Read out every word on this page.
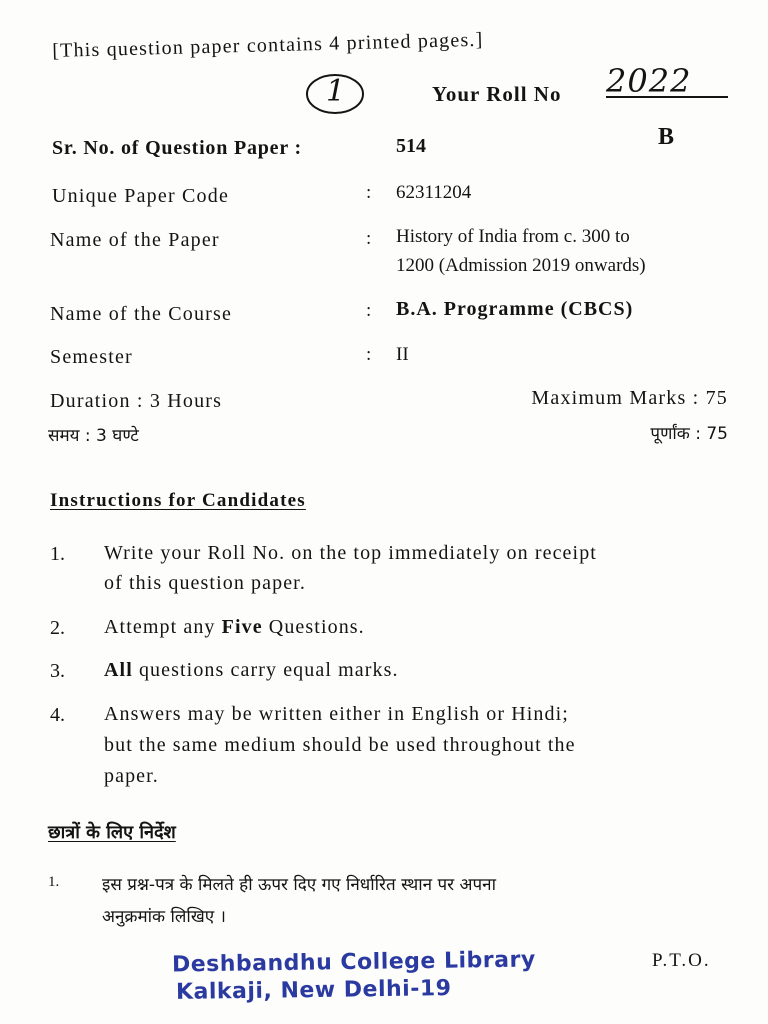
[This question paper contains 4 printed pages.]
1	Your Roll No 2022
B
Sr. No. of Question Paper :	514
Unique Paper Code	: 62311204
Name of the Paper	: History of India from c. 300 to
1200 (Admission 2019 onwards)
Name of the Course	: B.A. Programme (CBCS)
Semester	: II
Duration : 3 Hours
समय : 3 घण्टे
Maximum Marks : 75
पूर्णांक : 75
Instructions for Candidates
1. Write your Roll No. on the top immediately on receipt
of this question paper.
2. Attempt any Five Questions.
3. All questions carry equal marks.
4. Answers may be written either in English or Hindi;
but the same medium should be used throughout the
paper.
छात्रों के लिए निर्देश
1.	इस प्रश्न-पत्र के मिलते ही ऊपर दिए गए निर्धारित स्थान पर अपना
अनुक्रमांक लिखिए ।
Deshbandhu College Library
Kalkaji, New Delhi-19
P.T.O.
